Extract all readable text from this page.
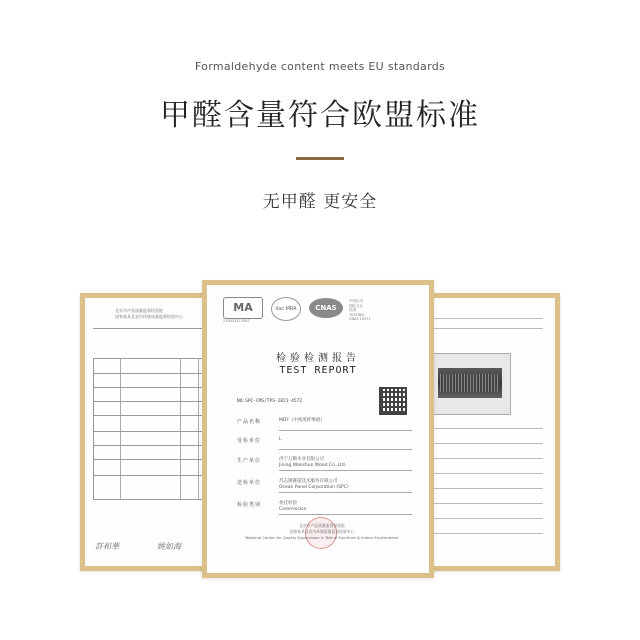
Formaldehyde content meets EU standards
甲醛含量符合欧盟标准
无甲醛 更安全
北京市产品质量监督检验院
国家家具及室内环境质量监督检验中心
許和華	姚如海
MA
210013113307
ilac MRA	CNAS
中国认可
国际互认
检测
TESTING
CNAS L0571
检验检测报告
TEST REPORT
NO:SPC-CMS/TPS-2021-4572
产品名称	MDF（中密度纤维板）
受检单位	L
生产单位	济宁万顺木业有限公司
Jining Wanshun Wood Co.,Ltd.
送检单位	苏志钢赛諾技术服务有限公司
Ocean Panel Corporation (SPC)
检验类别	委托检验
Commission
北京市产品质量监督检验院
国家家具及室内环境质量监督检验中心
National Center for Quality Supervision & Test of Furniture & Indoor Environment
